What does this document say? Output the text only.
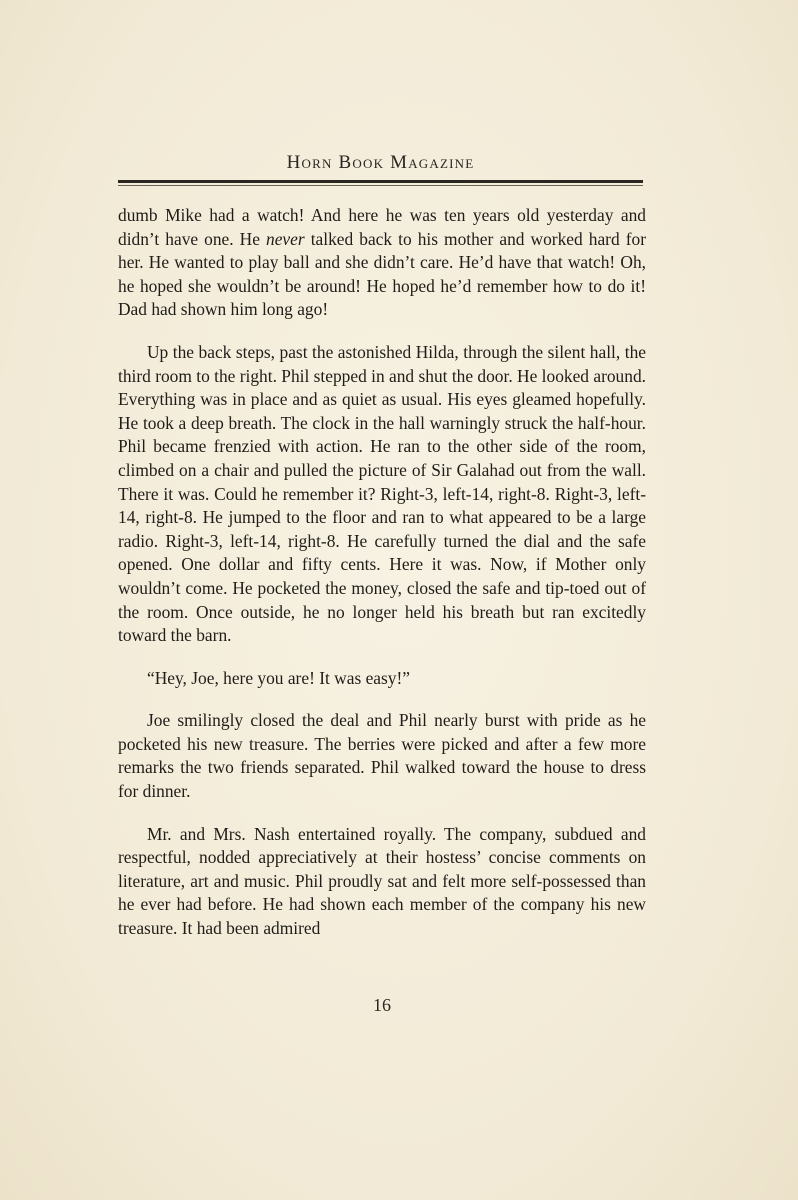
Horn Book Magazine

dumb Mike had a watch! And here he was ten years old yesterday and didn’t have one. He never talked back to his mother and worked hard for her. He wanted to play ball and she didn’t care. He’d have that watch! Oh, he hoped she wouldn’t be around! He hoped he’d remember how to do it! Dad had shown him long ago!

Up the back steps, past the astonished Hilda, through the silent hall, the third room to the right. Phil stepped in and shut the door. He looked around. Everything was in place and as quiet as usual. His eyes gleamed hopefully. He took a deep breath. The clock in the hall warningly struck the half-hour. Phil became frenzied with action. He ran to the other side of the room, climbed on a chair and pulled the picture of Sir Galahad out from the wall. There it was. Could he remember it? Right-3, left-14, right-8. Right-3, left-14, right-8. He jumped to the floor and ran to what appeared to be a large radio. Right-3, left-14, right-8. He carefully turned the dial and the safe opened. One dollar and fifty cents. Here it was. Now, if Mother only wouldn’t come. He pocketed the money, closed the safe and tip-toed out of the room. Once outside, he no longer held his breath but ran excitedly toward the barn.

“Hey, Joe, here you are! It was easy!”

Joe smilingly closed the deal and Phil nearly burst with pride as he pocketed his new treasure. The berries were picked and after a few more remarks the two friends separated. Phil walked toward the house to dress for dinner.

Mr. and Mrs. Nash entertained royally. The company, subdued and respectful, nodded appreciatively at their hostess’ concise comments on literature, art and music. Phil proudly sat and felt more self-possessed than he ever had before. He had shown each member of the company his new treasure. It had been admired

16
